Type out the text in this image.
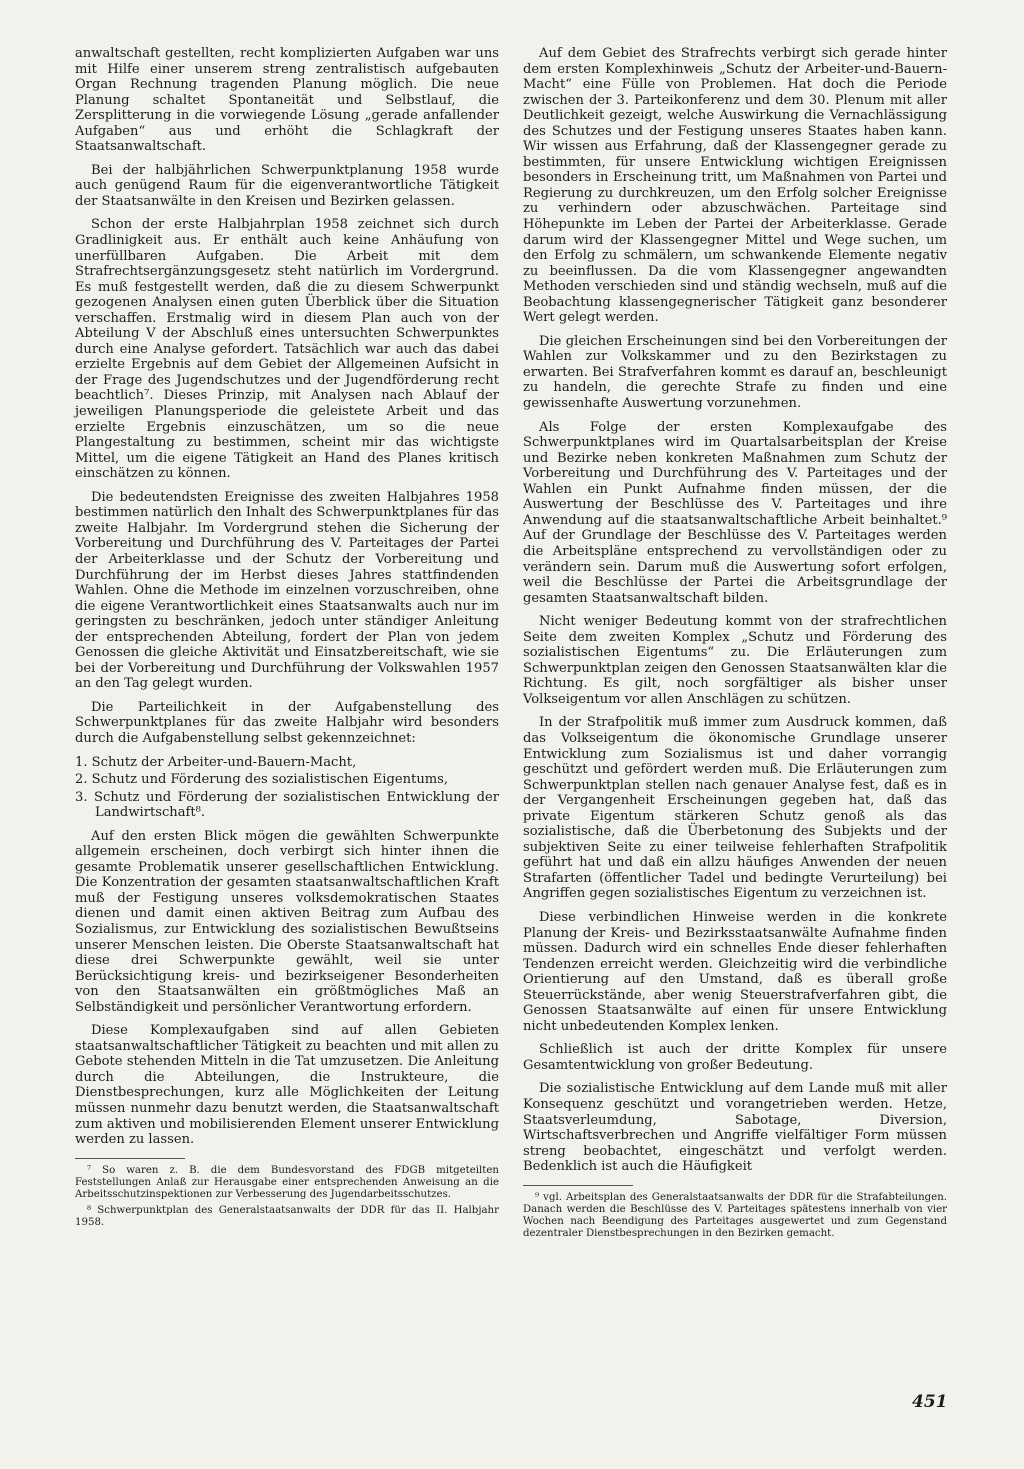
anwaltschaft gestellten, recht komplizierten Aufgaben war uns mit Hilfe einer unserem streng zentralistisch aufgebauten Organ Rechnung tragenden Planung möglich. Die neue Planung schaltet Spontaneität und Selbstlauf, die Zersplitterung in die vorwiegende Lösung „gerade anfallender Aufgaben“ aus und erhöht die Schlagkraft der Staatsanwaltschaft.

Bei der halbjährlichen Schwerpunktplanung 1958 wurde auch genügend Raum für die eigenverantwortliche Tätigkeit der Staatsanwälte in den Kreisen und Bezirken gelassen.

Schon der erste Halbjahrplan 1958 zeichnet sich durch Gradlinigkeit aus. Er enthält auch keine Anhäufung von unerfüllbaren Aufgaben. Die Arbeit mit dem Strafrechtsergänzungsgesetz steht natürlich im Vordergrund. Es muß festgestellt werden, daß die zu diesem Schwerpunkt gezogenen Analysen einen guten Überblick über die Situation verschaffen. Erstmalig wird in diesem Plan auch von der Abteilung V der Abschluß eines untersuchten Schwerpunktes durch eine Analyse gefordert. Tatsächlich war auch das dabei erzielte Ergebnis auf dem Gebiet der Allgemeinen Aufsicht in der Frage des Jugendschutzes und der Jugendförderung recht beachtlich⁷. Dieses Prinzip, mit Analysen nach Ablauf der jeweiligen Planungsperiode die geleistete Arbeit und das erzielte Ergebnis einzuschätzen, um so die neue Plangestaltung zu bestimmen, scheint mir das wichtigste Mittel, um die eigene Tätigkeit an Hand des Planes kritisch einschätzen zu können.

Die bedeutendsten Ereignisse des zweiten Halbjahres 1958 bestimmen natürlich den Inhalt des Schwerpunktplanes für das zweite Halbjahr. Im Vordergrund stehen die Sicherung der Vorbereitung und Durchführung des V. Parteitages der Partei der Arbeiterklasse und der Schutz der Vorbereitung und Durchführung der im Herbst dieses Jahres stattfindenden Wahlen. Ohne die Methode im einzelnen vorzuschreiben, ohne die eigene Verantwortlichkeit eines Staatsanwalts auch nur im geringsten zu beschränken, jedoch unter ständiger Anleitung der entsprechenden Abteilung, fordert der Plan von jedem Genossen die gleiche Aktivität und Einsatzbereitschaft, wie sie bei der Vorbereitung und Durchführung der Volkswahlen 1957 an den Tag gelegt wurden.

Die Parteilichkeit in der Aufgabenstellung des Schwerpunktplanes für das zweite Halbjahr wird besonders durch die Aufgabenstellung selbst gekennzeichnet:

1. Schutz der Arbeiter-und-Bauern-Macht,
2. Schutz und Förderung des sozialistischen Eigentums,
3. Schutz und Förderung der sozialistischen Entwicklung der Landwirtschaft⁸.

Auf den ersten Blick mögen die gewählten Schwerpunkte allgemein erscheinen, doch verbirgt sich hinter ihnen die gesamte Problematik unserer gesellschaftlichen Entwicklung. Die Konzentration der gesamten staatsanwaltschaftlichen Kraft muß der Festigung unseres volksdemokratischen Staates dienen und damit einen aktiven Beitrag zum Aufbau des Sozialismus, zur Entwicklung des sozialistischen Bewußtseins unserer Menschen leisten. Die Oberste Staatsanwaltschaft hat diese drei Schwerpunkte gewählt, weil sie unter Berücksichtigung kreis- und bezirkseigener Besonderheiten von den Staatsanwälten ein größtmögliches Maß an Selbständigkeit und persönlicher Verantwortung erfordern.

Diese Komplexaufgaben sind auf allen Gebieten staatsanwaltschaftlicher Tätigkeit zu beachten und mit allen zu Gebote stehenden Mitteln in die Tat umzusetzen. Die Anleitung durch die Abteilungen, die Instrukteure, die Dienstbesprechungen, kurz alle Möglichkeiten der Leitung müssen nunmehr dazu benutzt werden, die Staatsanwaltschaft zum aktiven und mobilisierenden Element unserer Entwicklung werden zu lassen.

⁷ So waren z. B. die dem Bundesvorstand des FDGB mitgeteilten Feststellungen Anlaß zur Herausgabe einer entsprechenden Anweisung an die Arbeitsschutzinspektionen zur Verbesserung des Jugendarbeitsschutzes.

⁸ Schwerpunktplan des Generalstaatsanwalts der DDR für das II. Halbjahr 1958.

Auf dem Gebiet des Strafrechts verbirgt sich gerade hinter dem ersten Komplexhinweis „Schutz der Arbeiter-und-Bauern-Macht“ eine Fülle von Problemen. Hat doch die Periode zwischen der 3. Parteikonferenz und dem 30. Plenum mit aller Deutlichkeit gezeigt, welche Auswirkung die Vernachlässigung des Schutzes und der Festigung unseres Staates haben kann. Wir wissen aus Erfahrung, daß der Klassengegner gerade zu bestimmten, für unsere Entwicklung wichtigen Ereignissen besonders in Erscheinung tritt, um Maßnahmen von Partei und Regierung zu durchkreuzen, um den Erfolg solcher Ereignisse zu verhindern oder abzuschwächen. Parteitage sind Höhepunkte im Leben der Partei der Arbeiterklasse. Gerade darum wird der Klassengegner Mittel und Wege suchen, um den Erfolg zu schmälern, um schwankende Elemente negativ zu beeinflussen. Da die vom Klassengegner angewandten Methoden verschieden sind und ständig wechseln, muß auf die Beobachtung klassengegnerischer Tätigkeit ganz besonderer Wert gelegt werden.

Die gleichen Erscheinungen sind bei den Vorbereitungen der Wahlen zur Volkskammer und zu den Bezirkstagen zu erwarten. Bei Strafverfahren kommt es darauf an, beschleunigt zu handeln, die gerechte Strafe zu finden und eine gewissenhafte Auswertung vorzunehmen.

Als Folge der ersten Komplexaufgabe des Schwerpunktplanes wird im Quartalsarbeitsplan der Kreise und Bezirke neben konkreten Maßnahmen zum Schutz der Vorbereitung und Durchführung des V. Parteitages und der Wahlen ein Punkt Aufnahme finden müssen, der die Auswertung der Beschlüsse des V. Parteitages und ihre Anwendung auf die staatsanwaltschaftliche Arbeit beinhaltet.⁹ Auf der Grundlage der Beschlüsse des V. Parteitages werden die Arbeitspläne entsprechend zu vervollständigen oder zu verändern sein. Darum muß die Auswertung sofort erfolgen, weil die Beschlüsse der Partei die Arbeitsgrundlage der gesamten Staatsanwaltschaft bilden.

Nicht weniger Bedeutung kommt von der strafrechtlichen Seite dem zweiten Komplex „Schutz und Förderung des sozialistischen Eigentums“ zu. Die Erläuterungen zum Schwerpunktplan zeigen den Genossen Staatsanwälten klar die Richtung. Es gilt, noch sorgfältiger als bisher unser Volkseigentum vor allen Anschlägen zu schützen.

In der Strafpolitik muß immer zum Ausdruck kommen, daß das Volkseigentum die ökonomische Grundlage unserer Entwicklung zum Sozialismus ist und daher vorrangig geschützt und gefördert werden muß. Die Erläuterungen zum Schwerpunktplan stellen nach genauer Analyse fest, daß es in der Vergangenheit Erscheinungen gegeben hat, daß das private Eigentum stärkeren Schutz genoß als das sozialistische, daß die Überbetonung des Subjekts und der subjektiven Seite zu einer teilweise fehlerhaften Strafpolitik geführt hat und daß ein allzu häufiges Anwenden der neuen Strafarten (öffentlicher Tadel und bedingte Verurteilung) bei Angriffen gegen sozialistisches Eigentum zu verzeichnen ist.

Diese verbindlichen Hinweise werden in die konkrete Planung der Kreis- und Bezirksstaatsanwälte Aufnahme finden müssen. Dadurch wird ein schnelles Ende dieser fehlerhaften Tendenzen erreicht werden. Gleichzeitig wird die verbindliche Orientierung auf den Umstand, daß es überall große Steuerrückstände, aber wenig Steuerstrafverfahren gibt, die Genossen Staatsanwälte auf einen für unsere Entwicklung nicht unbedeutenden Komplex lenken.

Schließlich ist auch der dritte Komplex für unsere Gesamtentwicklung von großer Bedeutung.

Die sozialistische Entwicklung auf dem Lande muß mit aller Konsequenz geschützt und vorangetrieben werden. Hetze, Staatsverleumdung, Sabotage, Diversion, Wirtschaftsverbrechen und Angriffe vielfältiger Form müssen streng beobachtet, eingeschätzt und verfolgt werden. Bedenklich ist auch die Häufigkeit

⁹ vgl. Arbeitsplan des Generalstaatsanwalts der DDR für die Strafabteilungen. Danach werden die Beschlüsse des V. Parteitages spätestens innerhalb von vier Wochen nach Beendigung des Parteitages ausgewertet und zum Gegenstand dezentraler Dienstbesprechungen in den Bezirken gemacht.

451
